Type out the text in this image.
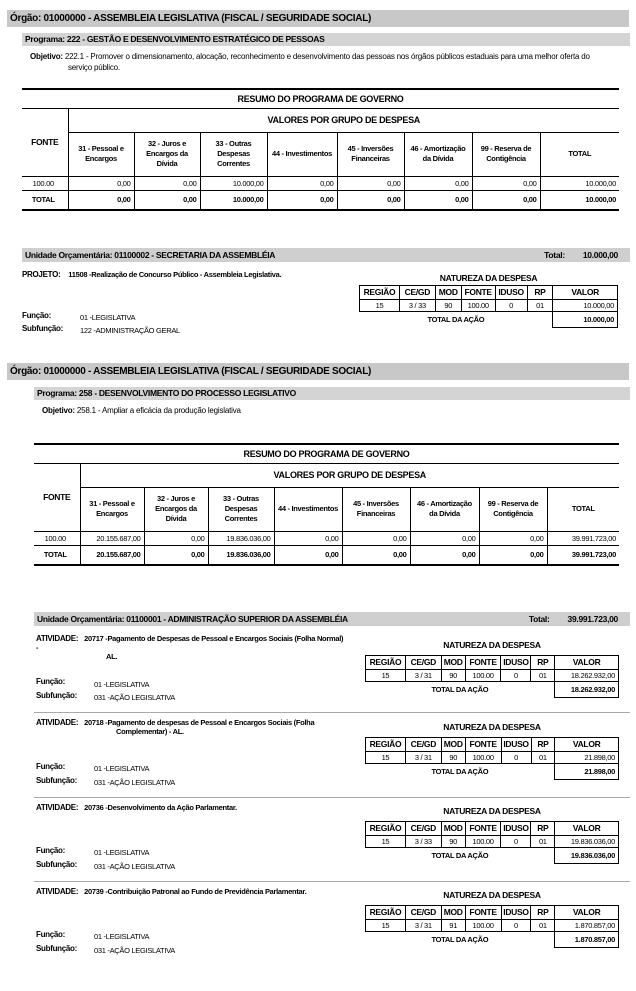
Órgão: 01000000 - ASSEMBLEIA LEGISLATIVA (FISCAL / SEGURIDADE SOCIAL)
Programa: 222 - GESTÃO E DESENVOLVIMENTO ESTRATÉGICO DE PESSOAS
Objetivo: 222.1 - Promover o dimensionamento, alocação, reconhecimento e desenvolvimento das pessoas nos órgãos públicos estaduais para uma melhor oferta do
serviço público.
RESUMO DO PROGRAMA DE GOVERNO								
FONTE	VALORES POR GRUPO DE DESPESA							
	31 - Pessoal e Encargos	32 - Juros e Encargos da Dívida	33 - Outras Despesas Correntes	44 - Investimentos	45 - Inversões Financeiras	46 - Amortização da Dívida	99 - Reserva de Contigência	TOTAL
100.00	0,00	0,00	10.000,00	0,00	0,00	0,00	0,00	10.000,00
TOTAL	0,00	0,00	10.000,00	0,00	0,00	0,00	0,00	10.000,00
Unidade Orçamentária: 01100002 - SECRETARIA DA ASSEMBLÉIA	Total: 10.000,00
PROJETO: 11508 -Realização de Concurso Público - Assembleia Legislativa.
Função:	01 -LEGISLATIVA
Subfunção: 122 -ADMINISTRAÇÃO GERAL
NATUREZA DA DESPESA						
REGIÃO	CE/GD	MOD	FONTE	IDUSO	RP	VALOR
15	3 / 33	90	100.00	0	01	10.000,00
TOTAL DA AÇÃO						10.000,00
Órgão: 01000000 - ASSEMBLEIA LEGISLATIVA (FISCAL / SEGURIDADE SOCIAL)
Programa: 258 - DESENVOLVIMENTO DO PROCESSO LEGISLATIVO
Objetivo: 258.1 - Ampliar a eficácia da produção legislativa
RESUMO DO PROGRAMA DE GOVERNO								
FONTE	VALORES POR GRUPO DE DESPESA							
	31 - Pessoal e Encargos	32 - Juros e Encargos da Dívida	33 - Outras Despesas Correntes	44 - Investimentos	45 - Inversões Financeiras	46 - Amortização da Dívida	99 - Reserva de Contigência	TOTAL
100.00	20.155.687,00	0,00	19.836.036,00	0,00	0,00	0,00	0,00	39.991.723,00
TOTAL	20.155.687,00	0,00	19.836.036,00	0,00	0,00	0,00	0,00	39.991.723,00
Unidade Orçamentária: 01100001 - ADMINISTRAÇÃO SUPERIOR DA ASSEMBLÉIA	Total: 39.991.723,00
ATIVIDADE: 20717 -Pagamento de Despesas de Pessoal e Encargos Sociais (Folha Normal) -
AL.
Função:	01 -LEGISLATIVA
Subfunção: 031 -AÇÃO LEGISLATIVA
NATUREZA DA DESPESA						
REGIÃO	CE/GD	MOD	FONTE	IDUSO	RP	VALOR
15	3 / 31	90	100.00	0	01	18.262.932,00
TOTAL DA AÇÃO						18.262.932,00
ATIVIDADE: 20718 -Pagamento de despesas de Pessoal e Encargos Sociais (Folha
Complementar) - AL.
Função:	01 -LEGISLATIVA
Subfunção: 031 -AÇÃO LEGISLATIVA
NATUREZA DA DESPESA						
REGIÃO	CE/GD	MOD	FONTE	IDUSO	RP	VALOR
15	3 / 31	90	100.00	0	01	21.898,00
TOTAL DA AÇÃO						21.898,00
ATIVIDADE: 20736 -Desenvolvimento da Ação Parlamentar.
Função:	01 -LEGISLATIVA
Subfunção: 031 -AÇÃO LEGISLATIVA
NATUREZA DA DESPESA						
REGIÃO	CE/GD	MOD	FONTE	IDUSO	RP	VALOR
15	3 / 33	90	100.00	0	01	19.836.036,00
TOTAL DA AÇÃO						19.836.036,00
ATIVIDADE: 20739 -Contribuição Patronal ao Fundo de Previdência Parlamentar.
Função:	01 -LEGISLATIVA
Subfunção: 031 -AÇÃO LEGISLATIVA
NATUREZA DA DESPESA						
REGIÃO	CE/GD	MOD	FONTE	IDUSO	RP	VALOR
15	3 / 31	91	100.00	0	01	1.870.857,00
TOTAL DA AÇÃO						1.870.857,00
